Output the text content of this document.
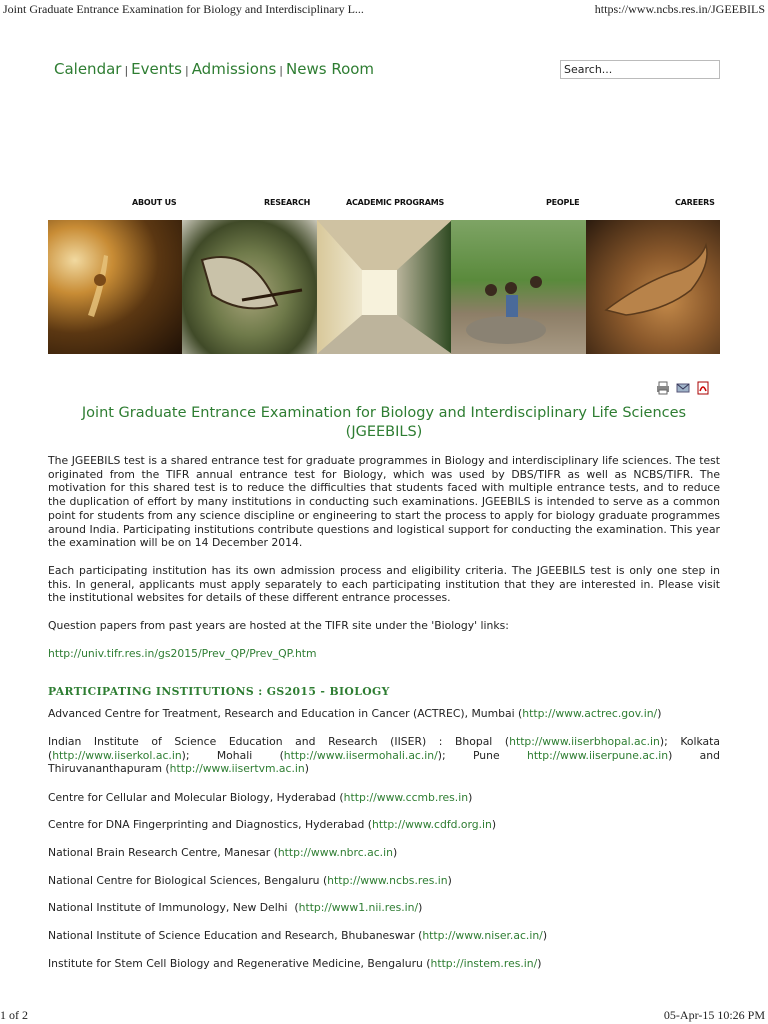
Joint Graduate Entrance Examination for Biology and Interdisciplinary L...	https://www.ncbs.res.in/JGEEBILS
Calendar | Events | Admissions | News Room
Search...
ABOUT US	RESEARCH	ACADEMIC PROGRAMS	PEOPLE	CAREERS
Joint Graduate Entrance Examination for Biology and Interdisciplinary Life Sciences
(JGEEBILS)
The JGEEBILS test is a shared entrance test for graduate programmes in Biology and interdisciplinary life sciences. The test originated from the TIFR annual entrance test for Biology, which was used by DBS/TIFR as well as NCBS/TIFR. The motivation for this shared test is to reduce the difficulties that students faced with multiple entrance tests, and to reduce the duplication of effort by many institutions in conducting such examinations. JGEEBILS is intended to serve as a common point for students from any science discipline or engineering to start the process to apply for biology graduate programmes around India. Participating institutions contribute questions and logistical support for conducting the examination. This year the examination will be on 14 December 2014.
Each participating institution has its own admission process and eligibility criteria. The JGEEBILS test is only one step in this. In general, applicants must apply separately to each participating institution that they are interested in. Please visit the institutional websites for details of these different entrance processes.
Question papers from past years are hosted at the TIFR site under the 'Biology' links:
http://univ.tifr.res.in/gs2015/Prev_QP/Prev_QP.htm
PARTICIPATING INSTITUTIONS : GS2015 - BIOLOGY
Advanced Centre for Treatment, Research and Education in Cancer (ACTREC), Mumbai (http://www.actrec.gov.in/)
Indian Institute of Science Education and Research (IISER) : Bhopal (http://www.iiserbhopal.ac.in); Kolkata
(http://www.iiserkol.ac.in); Mohali (http://www.iisermohali.ac.in/); Pune	http://www.iiserpune.ac.in) and
Thiruvananthapuram (http://www.iisertvm.ac.in)
Centre for Cellular and Molecular Biology, Hyderabad (http://www.ccmb.res.in)
Centre for DNA Fingerprinting and Diagnostics, Hyderabad (http://www.cdfd.org.in)
National Brain Research Centre, Manesar (http://www.nbrc.ac.in)
National Centre for Biological Sciences, Bengaluru (http://www.ncbs.res.in)
National Institute of Immunology, New Delhi  (http://www1.nii.res.in/)
National Institute of Science Education and Research, Bhubaneswar (http://www.niser.ac.in/)
Institute for Stem Cell Biology and Regenerative Medicine, Bengaluru (http://instem.res.in/)
1 of 2	05-Apr-15 10:26 PM
